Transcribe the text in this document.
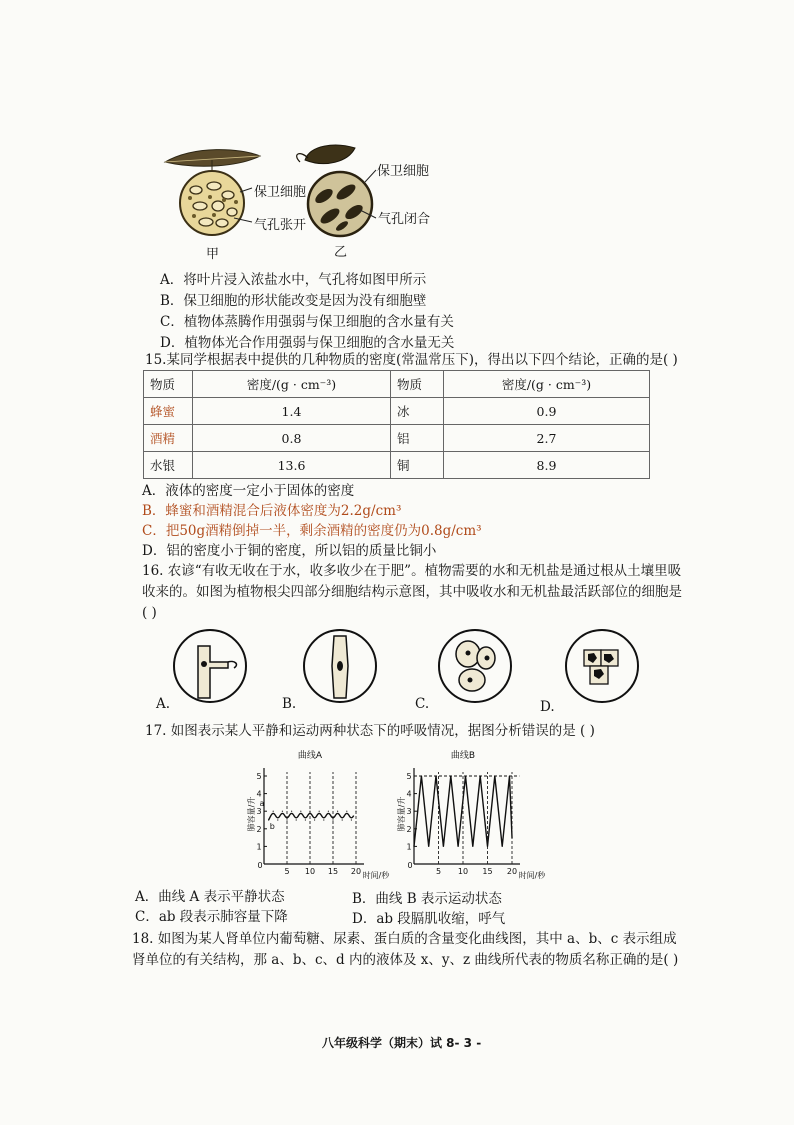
保卫细胞
气孔张开
保卫细胞
气孔闭合
甲	乙
A．将叶片浸入浓盐水中，气孔将如图甲所示
B．保卫细胞的形状能改变是因为没有细胞壁
C．植物体蒸腾作用强弱与保卫细胞的含水量有关
D．植物体光合作用强弱与保卫细胞的含水量无关
15.某同学根据表中提供的几种物质的密度(常温常压下)，得出以下四个结论，正确的是( )
物质	密度/(g · cm⁻³)	物质	密度/(g · cm⁻³)
蜂蜜	1.4	冰	0.9
酒精	0.8	铝	2.7
水银	13.6	铜	8.9
A．液体的密度一定小于固体的密度
B．蜂蜜和酒精混合后液体密度为2.2g/cm³
C．把50g酒精倒掉一半，剩余酒精的密度仍为0.8g/cm³
D．铝的密度小于铜的密度，所以铝的质量比铜小
16. 农谚“有收无收在于水，收多收少在于肥”。植物需要的水和无机盐是通过根从土壤里吸
收来的。如图为植物根尖四部分细胞结构示意图，其中吸收水和无机盐最活跃部位的细胞是
( )
A.	B.	C.	D.
17. 如图表示某人平静和运动两种状态下的呼吸情况，据图分析错误的是 ( )
0
曲线A
肺容量/升
时间/秒
1
2
3
4
5
5 10 15 20
a
b
0
曲线B
肺容量/升
时间/秒
1
2
3
4
5
5 10 15 20
A．曲线 A 表示平静状态	B．曲线 B 表示运动状态
C．ab 段表示肺容量下降	D．ab 段膈肌收缩，呼气
18. 如图为某人肾单位内葡萄糖、尿素、蛋白质的含量变化曲线图，其中 a、b、c 表示组成
肾单位的有关结构，那 a、b、c、d 内的液体及 x、y、z 曲线所代表的物质名称正确的是( )
八年级科学（期末）试 8- 3 -
